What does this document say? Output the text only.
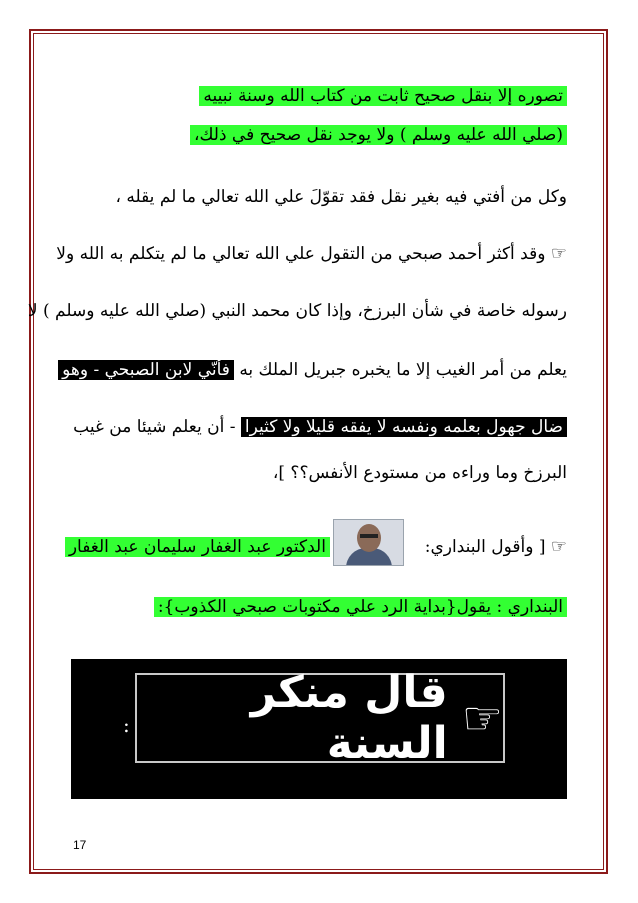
تصوره إلا بنقل صحيح ثابت من كتاب الله وسنة نبييه
(صلي الله عليه وسلم ) ولا يوجد نقل صحيح في ذلك،
وكل من أفتي فيه بغير نقل فقد تقوّلَ علي الله تعالي ما لم يقله ،
☞ وقد أكثر أحمد صبحي من التقول علي الله تعالي ما لم يتكلم به الله ولا
رسوله خاصة في شأن البرزخ، وإذا كان محمد النبي (صلي الله عليه وسلم ) لا
يعلم من أمر الغيب إلا ما يخبره جبريل الملك به فأنّي لابن الصبحي - وهو
ضال جهول بعلمه ونفسه لا يفقه قليلا ولا كثيرا - أن يعلم شيئا من غيب
البرزخ وما وراءه من مستودع الأنفس؟؟ ]،
☞ [ وأقول البنداري:  الدكتور عبد الغفار سليمان عبد الغفار
البنداري : يقول{بداية الرد علي مكتوبات صبحي الكذوب}:
☞
قال منكر السنة
:
17
